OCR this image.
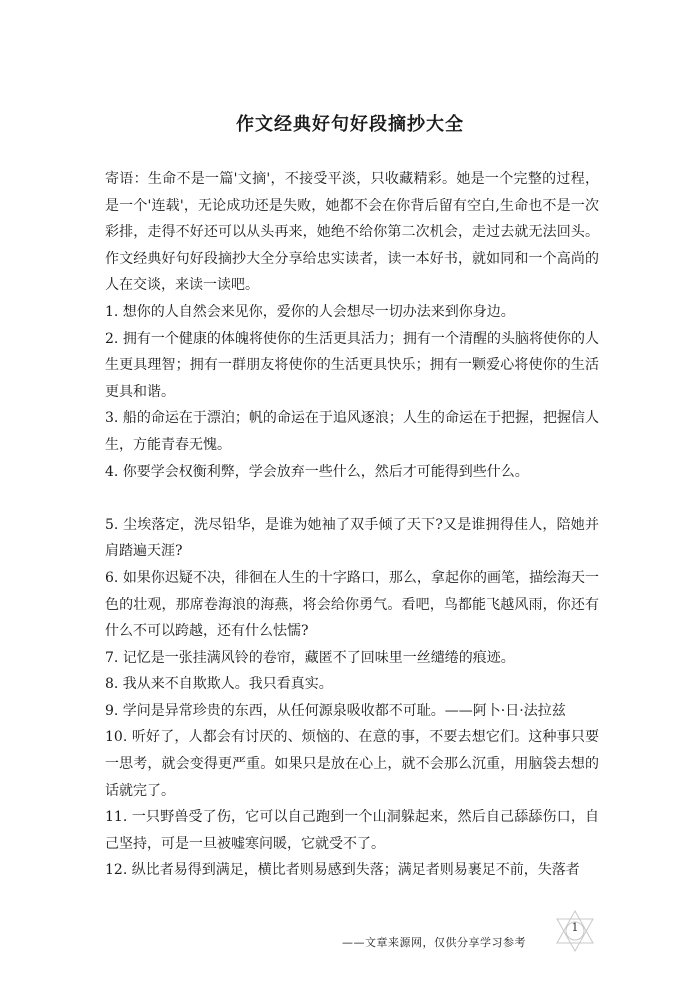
作文经典好句好段摘抄大全

寄语：生命不是一篇'文摘'，不接受平淡，只收藏精彩。她是一个完整的过程，是一个'连载'，无论成功还是失败，她都不会在你背后留有空白,生命也不是一次彩排，走得不好还可以从头再来，她绝不给你第二次机会，走过去就无法回头。作文经典好句好段摘抄大全分享给忠实读者，读一本好书，就如同和一个高尚的人在交谈，来读一读吧。

1. 想你的人自然会来见你，爱你的人会想尽一切办法来到你身边。

2. 拥有一个健康的体魄将使你的生活更具活力；拥有一个清醒的头脑将使你的人生更具理智；拥有一群朋友将使你的生活更具快乐；拥有一颗爱心将使你的生活更具和谐。

3. 船的命运在于漂泊；帆的命运在于追风逐浪；人生的命运在于把握，把握信人生，方能青春无愧。

4. 你要学会权衡利弊，学会放弃一些什么，然后才可能得到些什么。

5. 尘埃落定，洗尽铅华，是谁为她袖了双手倾了天下?又是谁拥得佳人，陪她并肩踏遍天涯?

6. 如果你迟疑不决，徘徊在人生的十字路口，那么，拿起你的画笔，描绘海天一色的壮观，那席卷海浪的海燕，将会给你勇气。看吧，鸟都能飞越风雨，你还有什么不可以跨越，还有什么怯懦?

7. 记忆是一张挂满风铃的卷帘，藏匿不了回味里一丝缱绻的痕迹。

8. 我从来不自欺欺人。我只看真实。

9. 学问是异常珍贵的东西，从任何源泉吸收都不可耻。——阿卜·日·法拉兹

10. 听好了，人都会有讨厌的、烦恼的、在意的事，不要去想它们。这种事只要一思考，就会变得更严重。如果只是放在心上，就不会那么沉重，用脑袋去想的话就完了。

11. 一只野兽受了伤，它可以自己跑到一个山洞躲起来，然后自己舔舔伤口，自己坚持，可是一旦被嘘寒问暖，它就受不了。

12. 纵比者易得到满足，横比者则易感到失落；满足者则易裹足不前，失落者

1
——文章来源网，仅供分享学习参考
